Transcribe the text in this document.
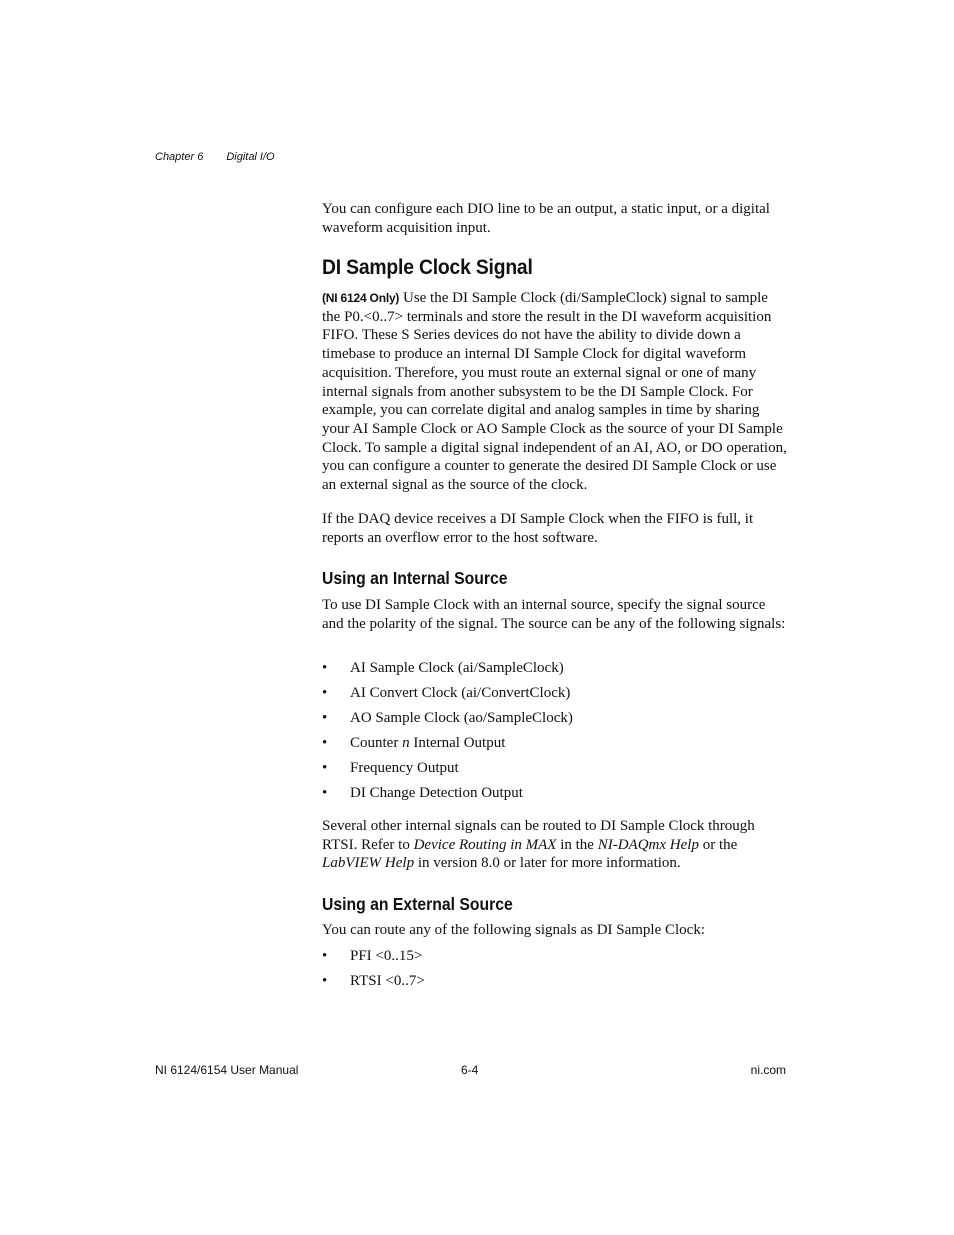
Chapter 6 Digital I/O

You can configure each DIO line to be an output, a static input, or a digital waveform acquisition input.

DI Sample Clock Signal

(NI 6124 Only) Use the DI Sample Clock (di/SampleClock) signal to sample the P0.<0..7> terminals and store the result in the DI waveform acquisition FIFO. These S Series devices do not have the ability to divide down a timebase to produce an internal DI Sample Clock for digital waveform acquisition. Therefore, you must route an external signal or one of many internal signals from another subsystem to be the DI Sample Clock. For example, you can correlate digital and analog samples in time by sharing your AI Sample Clock or AO Sample Clock as the source of your DI Sample Clock. To sample a digital signal independent of an AI, AO, or DO operation, you can configure a counter to generate the desired DI Sample Clock or use an external signal as the source of the clock.

If the DAQ device receives a DI Sample Clock when the FIFO is full, it reports an overflow error to the host software.

Using an Internal Source

To use DI Sample Clock with an internal source, specify the signal source and the polarity of the signal. The source can be any of the following signals:

• AI Sample Clock (ai/SampleClock)
• AI Convert Clock (ai/ConvertClock)
• AO Sample Clock (ao/SampleClock)
• Counter n Internal Output
• Frequency Output
• DI Change Detection Output

Several other internal signals can be routed to DI Sample Clock through RTSI. Refer to Device Routing in MAX in the NI-DAQmx Help or the LabVIEW Help in version 8.0 or later for more information.

Using an External Source

You can route any of the following signals as DI Sample Clock:

• PFI <0..15>
• RTSI <0..7>
NI 6124/6154 User Manual	6-4	ni.com
